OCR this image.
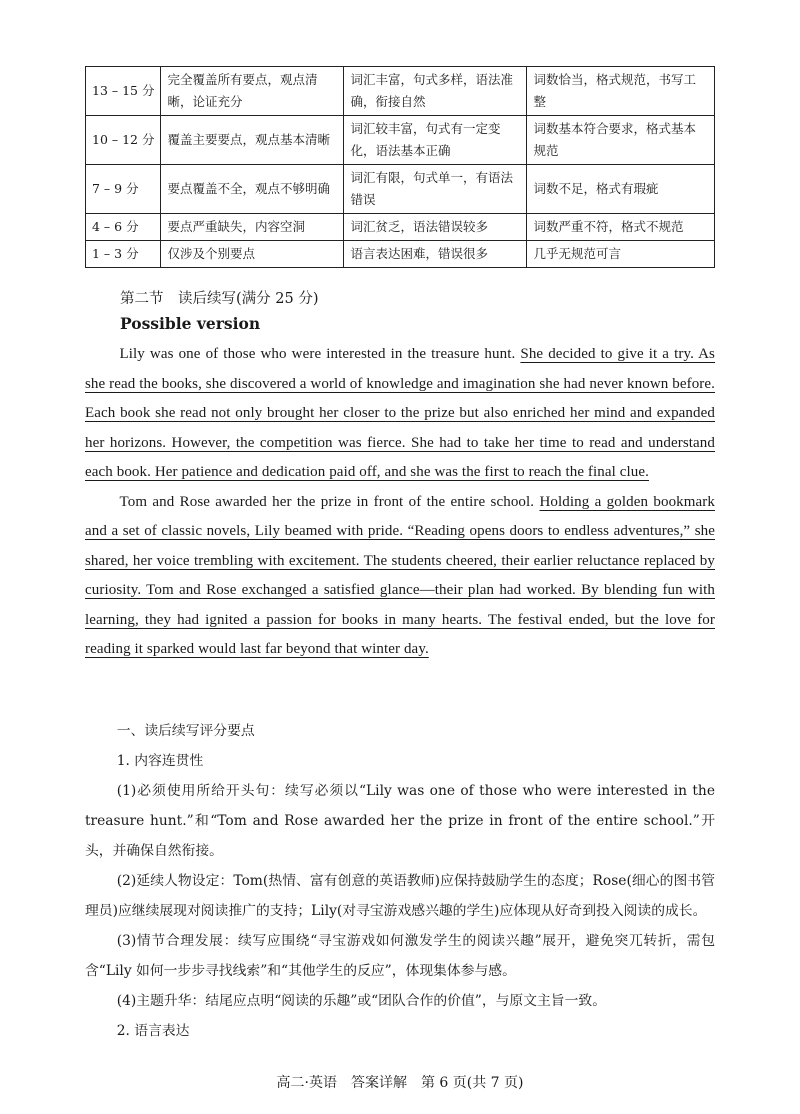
13 – 15 分	完全覆盖所有要点，观点清晰，论证充分	词汇丰富，句式多样，语法准确，衔接自然	词数恰当，格式规范，书写工整
10 – 12 分	覆盖主要要点，观点基本清晰	词汇较丰富，句式有一定变化，语法基本正确	词数基本符合要求，格式基本规范
7 – 9 分	要点覆盖不全，观点不够明确	词汇有限，句式单一，有语法错误	词数不足，格式有瑕疵
4 – 6 分	要点严重缺失，内容空洞	词汇贫乏，语法错误较多	词数严重不符，格式不规范
1 – 3 分	仅涉及个别要点	语言表达困难，错误很多	几乎无规范可言
第二节　读后续写(满分 25 分)
Possible version

Lily was one of those who were interested in the treasure hunt. She decided to give it a try. As she read the books, she discovered a world of knowledge and imagination she had never known before. Each book she read not only brought her closer to the prize but also enriched her mind and expanded her horizons. However, the competition was fierce. She had to take her time to read and understand each book. Her patience and dedication paid off, and she was the first to reach the final clue.

Tom and Rose awarded her the prize in front of the entire school. Holding a golden bookmark and a set of classic novels, Lily beamed with pride. “Reading opens doors to endless adventures,” she shared, her voice trembling with excitement. The students cheered, their earlier reluctance replaced by curiosity. Tom and Rose exchanged a satisfied glance—their plan had worked. By blending fun with learning, they had ignited a passion for books in many hearts. The festival ended, but the love for reading it sparked would last far beyond that winter day.

一、读后续写评分要点

1. 内容连贯性

(1)必须使用所给开头句：续写必须以“Lily was one of those who were interested in the treasure hunt.”和“Tom and Rose awarded her the prize in front of the entire school.”开头，并确保自然衔接。

(2)延续人物设定：Tom(热情、富有创意的英语教师)应保持鼓励学生的态度；Rose(细心的图书管理员)应继续展现对阅读推广的支持；Lily(对寻宝游戏感兴趣的学生)应体现从好奇到投入阅读的成长。

(3)情节合理发展：续写应围绕“寻宝游戏如何激发学生的阅读兴趣”展开，避免突兀转折，需包含“Lily 如何一步步寻找线索”和“其他学生的反应”，体现集体参与感。

(4)主题升华：结尾应点明“阅读的乐趣”或“团队合作的价值”，与原文主旨一致。

2. 语言表达

高二·英语　答案详解　第 6 页(共 7 页)
